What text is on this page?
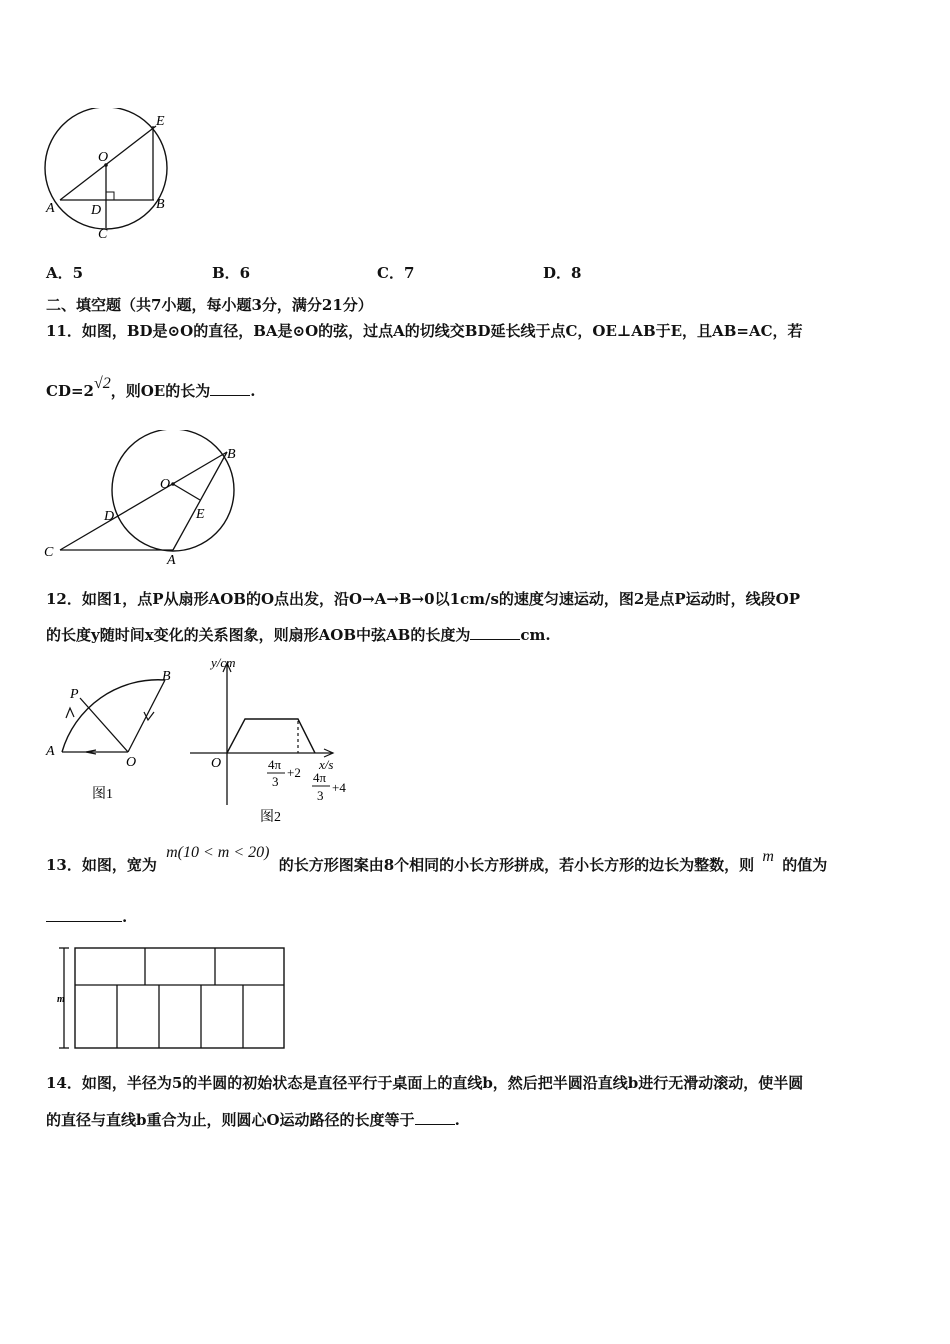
E
O
A	D	B
C
A．5	B．6	C．7	D．8
二、填空题（共7小题，每小题3分，满分21分）
11．如图，BD是⊙O的直径，BA是⊙O的弦，过点A的切线交BD延长线于点C，OE⊥AB于E，且AB=AC，若
CD=2√2，则OE的长为	.
B
O
D	E
C
A
12．如图1，点P从扇形AOB的O点出发，沿O→A→B→0以1cm/s的速度匀速运动，图2是点P运动时，线段OP
的长度y随时间x变化的关系图象，则扇形AOB中弦AB的长度为	cm.
P
B
A
O
图1
y/cm
x/s
O	4π
3
+2 4π
3
+4
图2
13．如图，宽为 m(10 < m < 20) 的长方形图案由8个相同的小长方形拼成，若小长方形的边长为整数，则 m 的值为
.
m
14．如图，半径为5的半圆的初始状态是直径平行于桌面上的直线b，然后把半圆沿直线b进行无滑动滚动，使半圆
的直径与直线b重合为止，则圆心O运动路径的长度等于	.
